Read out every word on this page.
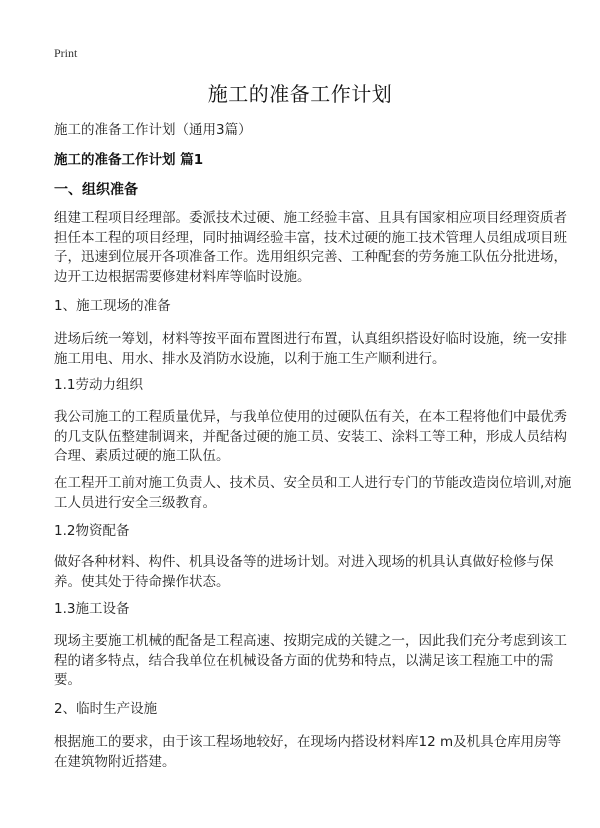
Print
施工的准备工作计划
施工的准备工作计划（通用3篇）
施工的准备工作计划 篇1
一、组织准备
组建工程项目经理部。委派技术过硬、施工经验丰富、且具有国家相应项目经理资质者担任本工程的项目经理，同时抽调经验丰富，技术过硬的施工技术管理人员组成项目班子，迅速到位展开各项准备工作。选用组织完善、工种配套的劳务施工队伍分批进场，边开工边根据需要修建材料库等临时设施。
1、施工现场的准备
进场后统一筹划，材料等按平面布置图进行布置，认真组织搭设好临时设施，统一安排施工用电、用水、排水及消防水设施，以利于施工生产顺利进行。
1.1劳动力组织
我公司施工的工程质量优异，与我单位使用的过硬队伍有关，在本工程将他们中最优秀的几支队伍整建制调来，并配备过硬的施工员、安装工、涂料工等工种，形成人员结构合理、素质过硬的施工队伍。
在工程开工前对施工负责人、技术员、安全员和工人进行专门的节能改造岗位培训,对施工人员进行安全三级教育。
1.2物资配备
做好各种材料、构件、机具设备等的进场计划。对进入现场的机具认真做好检修与保养。使其处于待命操作状态。
1.3施工设备
现场主要施工机械的配备是工程高速、按期完成的关键之一，因此我们充分考虑到该工程的诸多特点，结合我单位在机械设备方面的优势和特点，以满足该工程施工中的需要。
2、临时生产设施
根据施工的要求，由于该工程场地较好，在现场内搭设材料库12 m及机具仓库用房等在建筑物附近搭建。
